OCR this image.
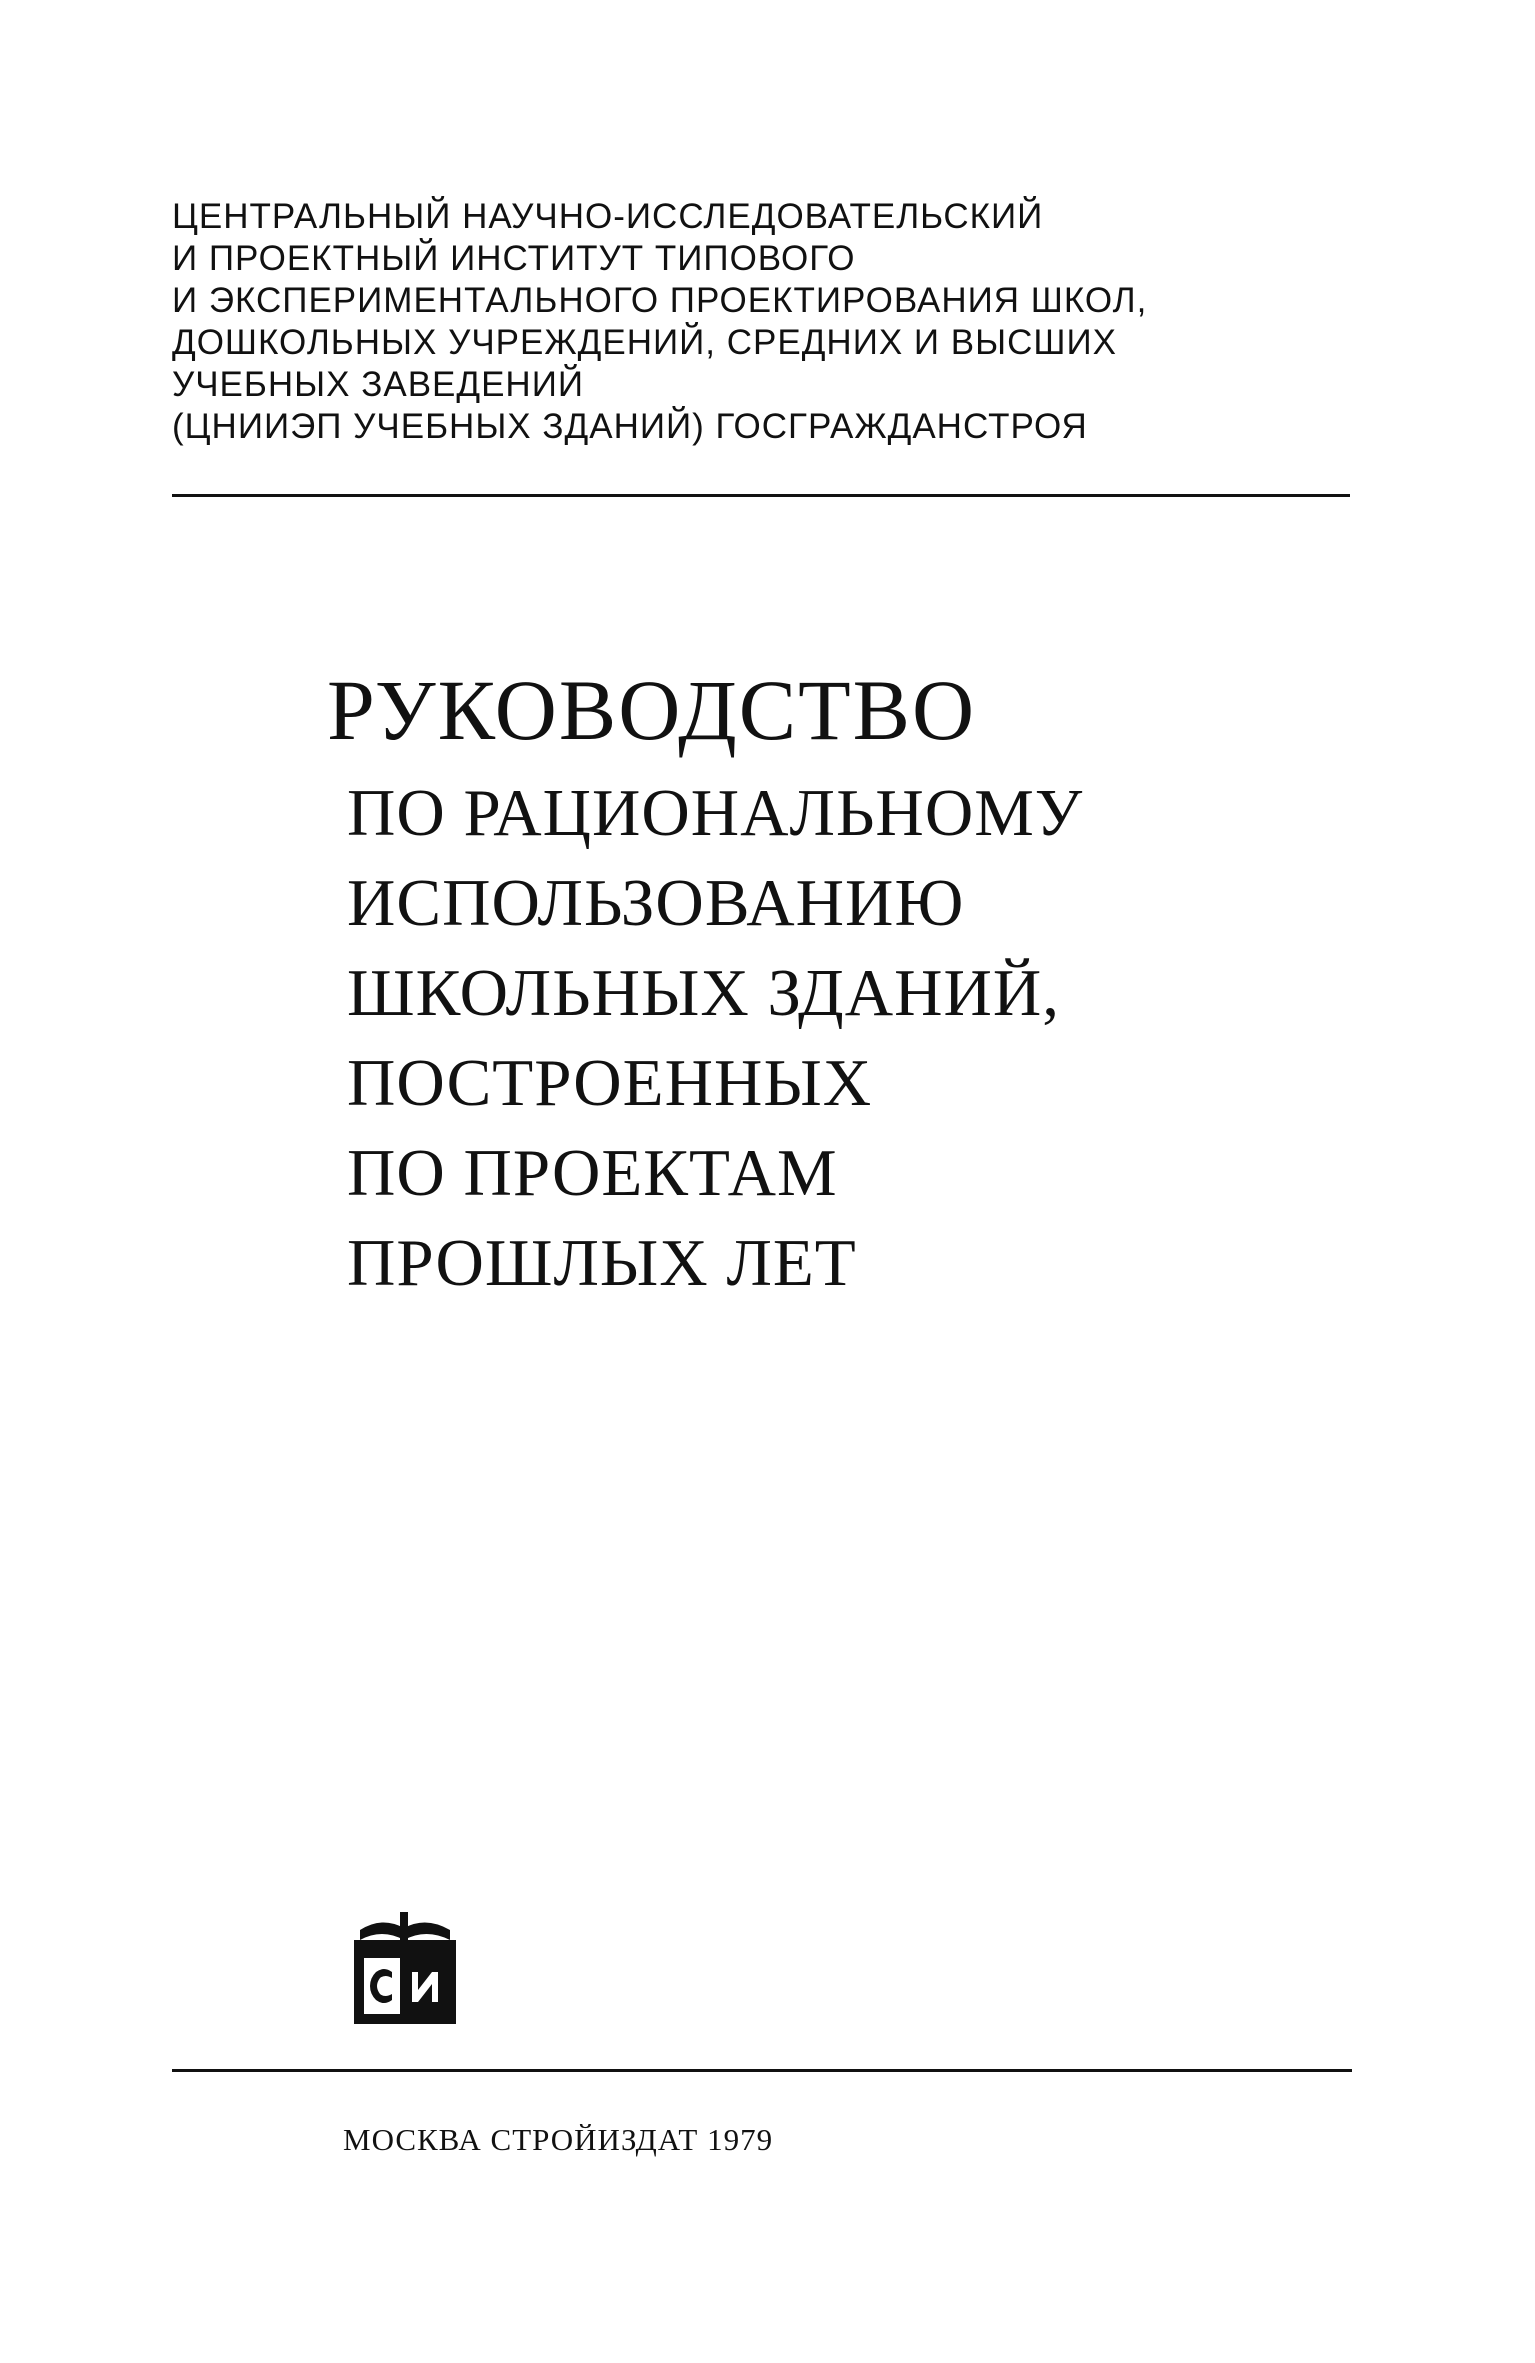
ЦЕНТРАЛЬНЫЙ НАУЧНО-ИССЛЕДОВАТЕЛЬСКИЙ
И ПРОЕКТНЫЙ ИНСТИТУТ ТИПОВОГО
И ЭКСПЕРИМЕНТАЛЬНОГО ПРОЕКТИРОВАНИЯ ШКОЛ,
ДОШКОЛЬНЫХ УЧРЕЖДЕНИЙ, СРЕДНИХ И ВЫСШИХ
УЧЕБНЫХ ЗАВЕДЕНИЙ
(ЦНИИЭП УЧЕБНЫХ ЗДАНИЙ) ГОСГРАЖДАНСТРОЯ
РУКОВОДСТВО
ПО РАЦИОНАЛЬНОМУ
ИСПОЛЬЗОВАНИЮ
ШКОЛЬНЫХ ЗДАНИЙ,
ПОСТРОЕННЫХ
ПО ПРОЕКТАМ
ПРОШЛЫХ ЛЕТ
МОСКВА СТРОЙИЗДАТ 1979
